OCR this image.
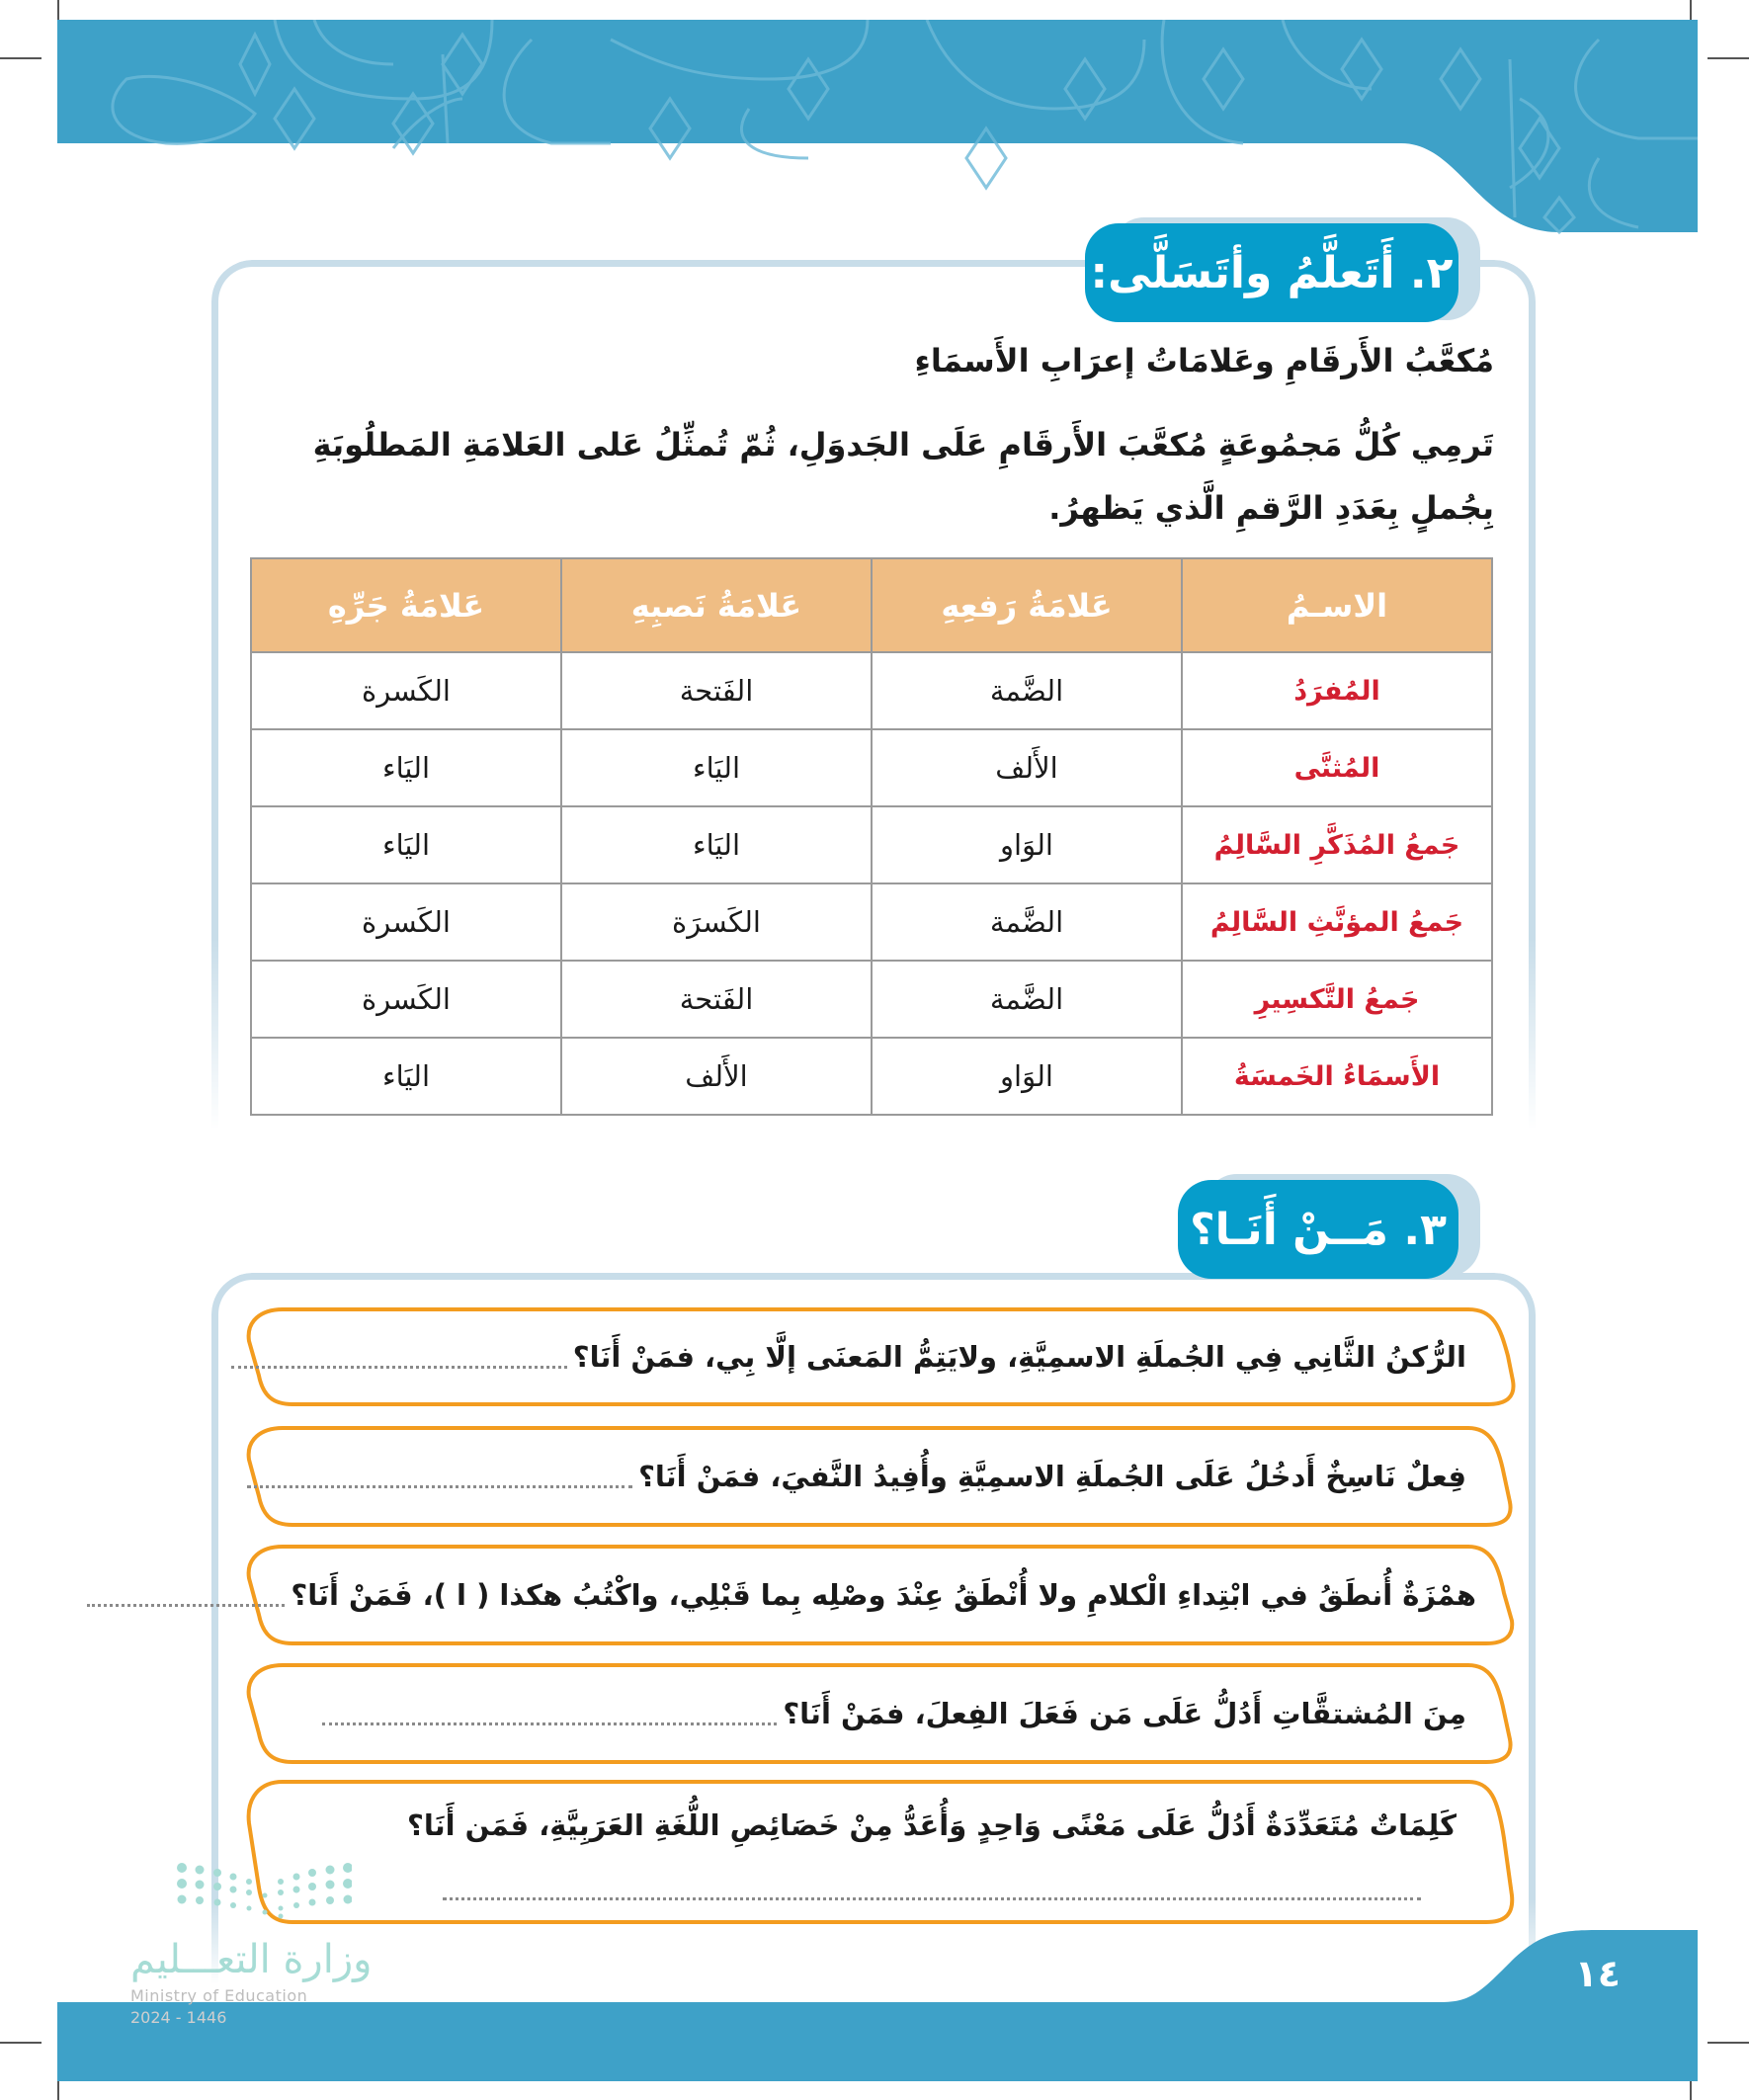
٢. أَتَعلَّمُ وأتَسَلَّى:
مُكعَّبُ الأَرقَامِ وعَلامَاتُ إعرَابِ الأَسمَاءِ
تَرمِي كُلُّ مَجمُوعَةٍ مُكعَّبَ الأَرقَامِ عَلَى الجَدوَلِ، ثُمّ تُمثِّلُ عَلى العَلامَةِ المَطلُوبَةِ بِجُملٍ بِعَدَدِ الرَّقمِ الَّذي يَظهرُ.
الاسـمُ	عَلامَةُ رَفعِهِ	عَلامَةُ نَصبِهِ	عَلامَةُ جَرِّهِ
المُفرَدُ	الضَّمة	الفَتحة	الكَسرة
المُثنَّى	الأَلف	اليَاء	اليَاء
جَمعُ المُذَكَّرِ السَّالِمُ	الوَاو	اليَاء	اليَاء
جَمعُ المؤنَّثِ السَّالِمُ	الضَّمة	الكَسرَة	الكَسرة
جَمعُ التَّكسِيرِ	الضَّمة	الفَتحة	الكَسرة
الأَسمَاءُ الخَمسَةُ	الوَاو	الأَلف	اليَاء
٣. مَــنْ أَنَـا؟
الرُّكنُ الثَّانِي فِي الجُملَةِ الاسمِيَّةِ، ولايَتِمُّ المَعنَى إلَّا بِي، فمَنْ أَنَا؟
فِعلٌ نَاسِخٌ أَدخُلُ عَلَى الجُملَةِ الاسمِيَّةِ وأُفِيدُ النَّفيَ، فمَنْ أَنَا؟
همْزَةٌ أُنطَقُ في ابْتِداءِ الْكلامِ ولا أُنْطَقُ عِنْدَ وصْلِه بِما قَبْلِي، واكْتُبُ هكذا ( ا )، فَمَنْ أَنَا؟
مِنَ المُشتقَّاتِ أَدُلُّ عَلَى مَن فَعَلَ الفِعلَ، فمَنْ أَنَا؟
كَلِمَاتٌ مُتَعَدِّدَةٌ أَدُلُّ عَلَى مَعْنًى وَاحِدٍ وَأُعَدُّ مِنْ خَصَائِصِ اللُّغَةِ العَرَبِيَّةِ، فَمَن أَنَا؟
١٤
وزارة التعـــليم
Ministry of Education
2024 - 1446
